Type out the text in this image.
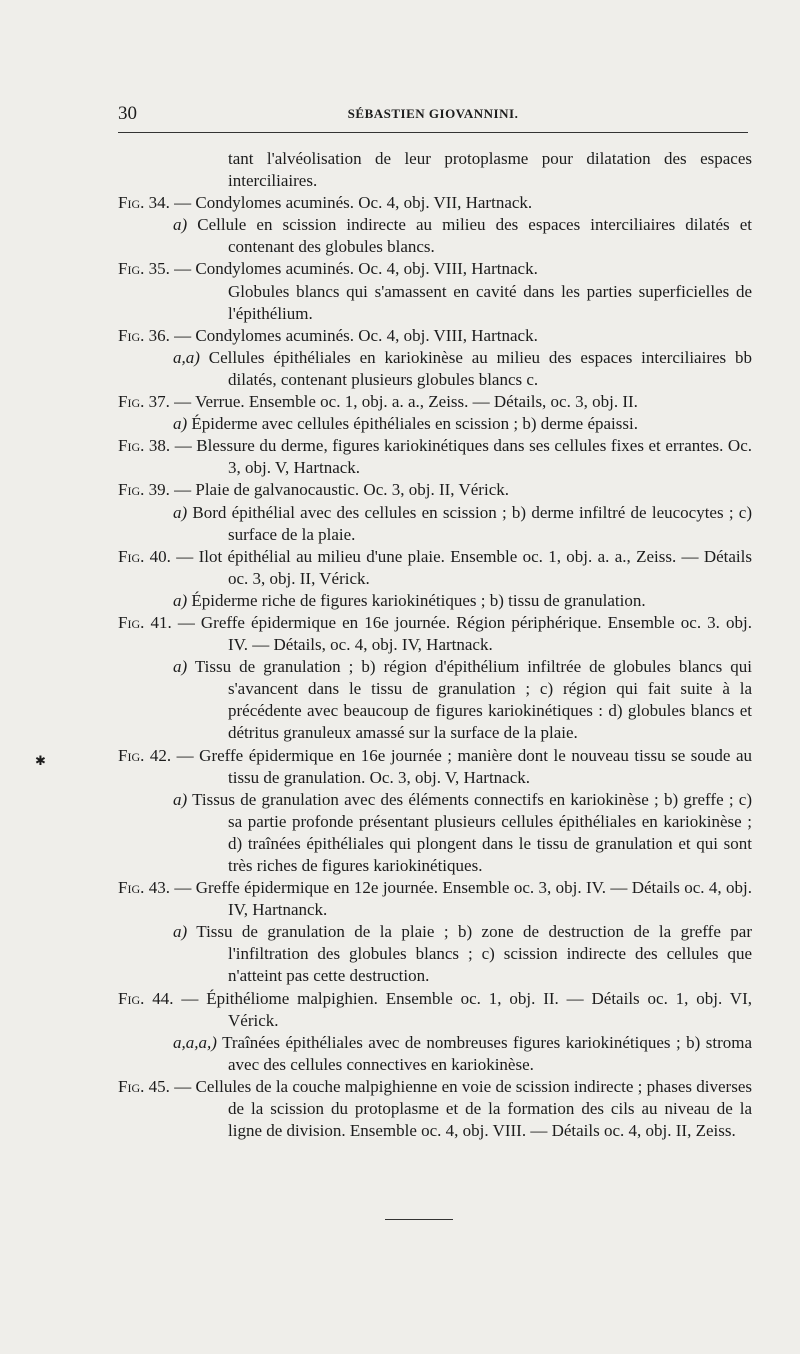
30	SÉBASTIEN GIOVANNINI.

tant l'alvéolisation de leur protoplasme pour dilatation des espaces interciliaires.

Fig. 34. — Condylomes acuminés. Oc. 4, obj. VII, Hartnack.

a) Cellule en scission indirecte au milieu des espaces interciliaires dilatés et contenant des globules blancs.

Fig. 35. — Condylomes acuminés. Oc. 4, obj. VIII, Hartnack.

Globules blancs qui s'amassent en cavité dans les parties superficielles de l'épithélium.

Fig. 36. — Condylomes acuminés. Oc. 4, obj. VIII, Hartnack.

a,a) Cellules épithéliales en kariokinèse au milieu des espaces interciliaires bb dilatés, contenant plusieurs globules blancs c.

Fig. 37. — Verrue. Ensemble oc. 1, obj. a. a., Zeiss. — Détails, oc. 3, obj. II.

a) Épiderme avec cellules épithéliales en scission ; b) derme épaissi.

Fig. 38. — Blessure du derme, figures kariokinétiques dans ses cellules fixes et errantes. Oc. 3, obj. V, Hartnack.

Fig. 39. — Plaie de galvanocaustic. Oc. 3, obj. II, Vérick.

a) Bord épithélial avec des cellules en scission ; b) derme infiltré de leucocytes ; c) surface de la plaie.

Fig. 40. — Ilot épithélial au milieu d'une plaie. Ensemble oc. 1, obj. a. a., Zeiss. — Détails oc. 3, obj. II, Vérick.

a) Épiderme riche de figures kariokinétiques ; b) tissu de granulation.

Fig. 41. — Greffe épidermique en 16e journée. Région périphérique. Ensemble oc. 3. obj. IV. — Détails, oc. 4, obj. IV, Hartnack.

a) Tissu de granulation ; b) région d'épithélium infiltrée de globules blancs qui s'avancent dans le tissu de granulation ; c) région qui fait suite à la précédente avec beaucoup de figures kariokinétiques : d) globules blancs et détritus granuleux amassé sur la surface de la plaie.

Fig. 42. — Greffe épidermique en 16e journée ; manière dont le nouveau tissu se soude au tissu de granulation. Oc. 3, obj. V, Hartnack.

a) Tissus de granulation avec des éléments connectifs en kariokinèse ; b) greffe ; c) sa partie profonde présentant plusieurs cellules épithéliales en kariokinèse ; d) traînées épithéliales qui plongent dans le tissu de granulation et qui sont très riches de figures kariokinétiques.

Fig. 43. — Greffe épidermique en 12e journée. Ensemble oc. 3, obj. IV. — Détails oc. 4, obj. IV, Hartnanck.

a) Tissu de granulation de la plaie ; b) zone de destruction de la greffe par l'infiltration des globules blancs ; c) scission indirecte des cellules que n'atteint pas cette destruction.

Fig. 44. — Épithéliome malpighien. Ensemble oc. 1, obj. II. — Détails oc. 1, obj. VI, Vérick.

a,a,a,) Traînées épithéliales avec de nombreuses figures kariokinétiques ; b) stroma avec des cellules connectives en kariokinèse.

Fig. 45. — Cellules de la couche malpighienne en voie de scission indirecte ; phases diverses de la scission du protoplasme et de la formation des cils au niveau de la ligne de division. Ensemble oc. 4, obj. VIII. — Détails oc. 4, obj. II, Zeiss.

✱
